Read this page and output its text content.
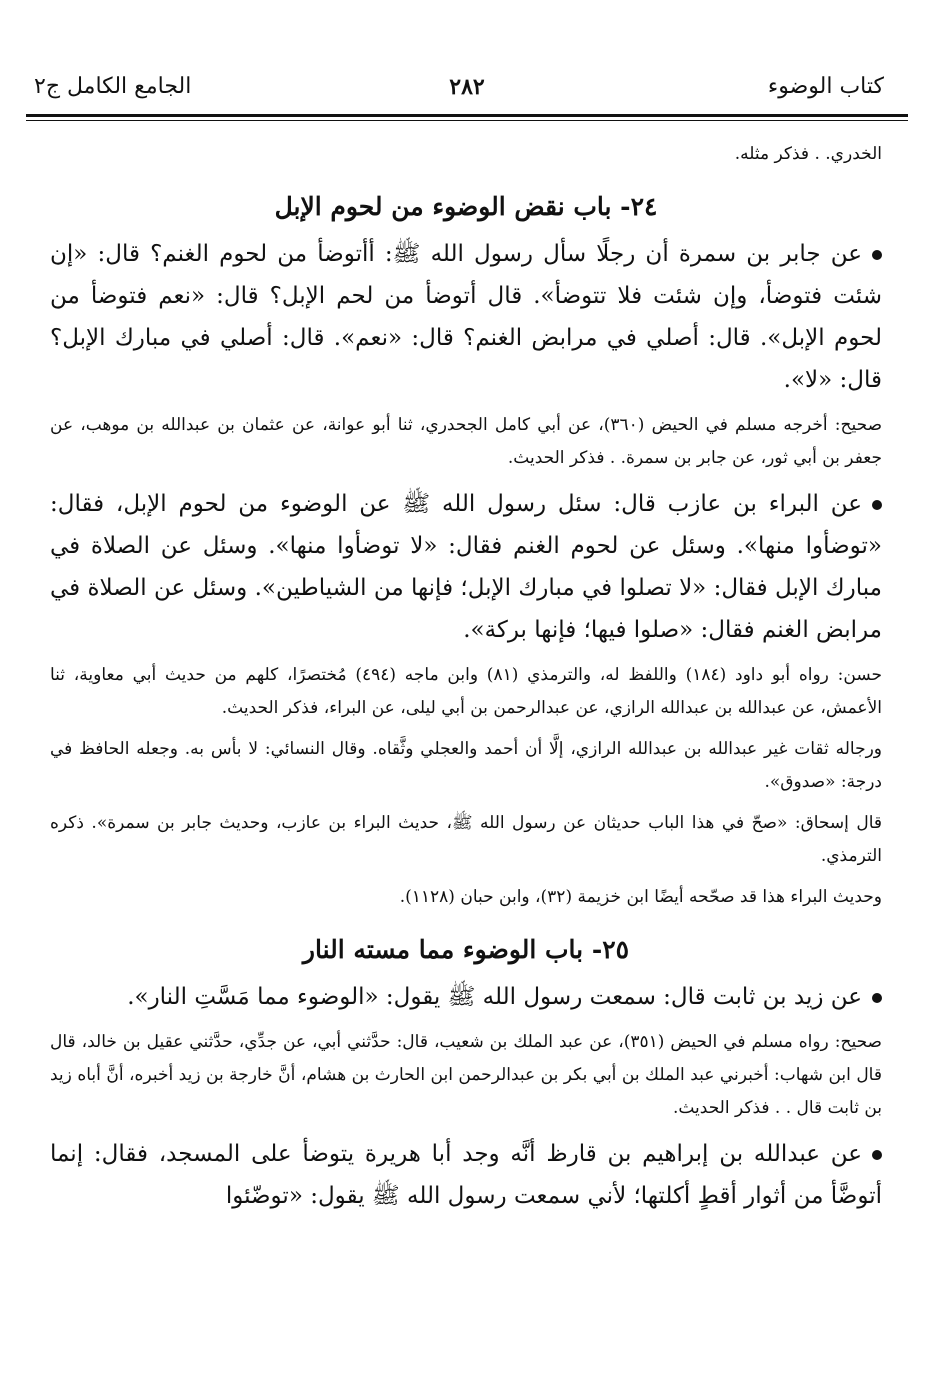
كتاب الوضوء
٢٨٢
الجامع الكامل ج٢

الخدري. . فذكر مثله.

٢٤- باب نقض الوضوء من لحوم الإبل

عن جابر بن سمرة أن رجلًا سأل رسول الله ﷺ: أأتوضأ من لحوم الغنم؟ قال: «إن شئت فتوضأ، وإن شئت فلا تتوضأ». قال أتوضأ من لحم الإبل؟ قال: «نعم فتوضأ من لحوم الإبل». قال: أصلي في مرابض الغنم؟ قال: «نعم». قال: أصلي في مبارك الإبل؟ قال: «لا».

صحيح: أخرجه مسلم في الحيض (٣٦٠)، عن أبي كامل الجحدري، ثنا أبو عوانة، عن عثمان بن عبدالله بن موهب، عن جعفر بن أبي ثور، عن جابر بن سمرة. . فذكر الحديث.

عن البراء بن عازب قال: سئل رسول الله ﷺ عن الوضوء من لحوم الإبل، فقال: «توضأوا منها». وسئل عن لحوم الغنم فقال: «لا توضأوا منها». وسئل عن الصلاة في مبارك الإبل فقال: «لا تصلوا في مبارك الإبل؛ فإنها من الشياطين». وسئل عن الصلاة في مرابض الغنم فقال: «صلوا فيها؛ فإنها بركة».

حسن: رواه أبو داود (١٨٤) واللفظ له، والترمذي (٨١) وابن ماجه (٤٩٤) مُختصرًا، كلهم من حديث أبي معاوية، ثنا الأعمش، عن عبدالله بن عبدالله الرازي، عن عبدالرحمن بن أبي ليلى، عن البراء، فذكر الحديث.

ورجاله ثقات غير عبدالله بن عبدالله الرازي، إلَّا أن أحمد والعجلي وثَّقاه. وقال النسائي: لا بأس به. وجعله الحافظ في درجة: «صدوق».

قال إسحاق: «صحّ في هذا الباب حديثان عن رسول الله ﷺ، حديث البراء بن عازب، وحديث جابر بن سمرة». ذكره الترمذي.

وحديث البراء هذا قد صحّحه أيضًا ابن خزيمة (٣٢)، وابن حبان (١١٢٨).

٢٥- باب الوضوء مما مسته النار

عن زيد بن ثابت قال: سمعت رسول الله ﷺ يقول: «الوضوء مما مَسَّتِ النار».

صحيح: رواه مسلم في الحيض (٣٥١)، عن عبد الملك بن شعيب، قال: حدَّثني أبي، عن جدِّي، حدَّثني عقيل بن خالد، قال قال ابن شهاب: أخبرني عبد الملك بن أبي بكر بن عبدالرحمن ابن الحارث بن هشام، أنَّ خارجة بن زيد أخبره، أنَّ أباه زيد بن ثابت قال . . فذكر الحديث.

عن عبدالله بن إبراهيم بن قارظ أنَّه وجد أبا هريرة يتوضأ على المسجد، فقال: إنما أتوضَّأ من أثوار أقطٍ أكلتها؛ لأني سمعت رسول الله ﷺ يقول: «توضّئوا
